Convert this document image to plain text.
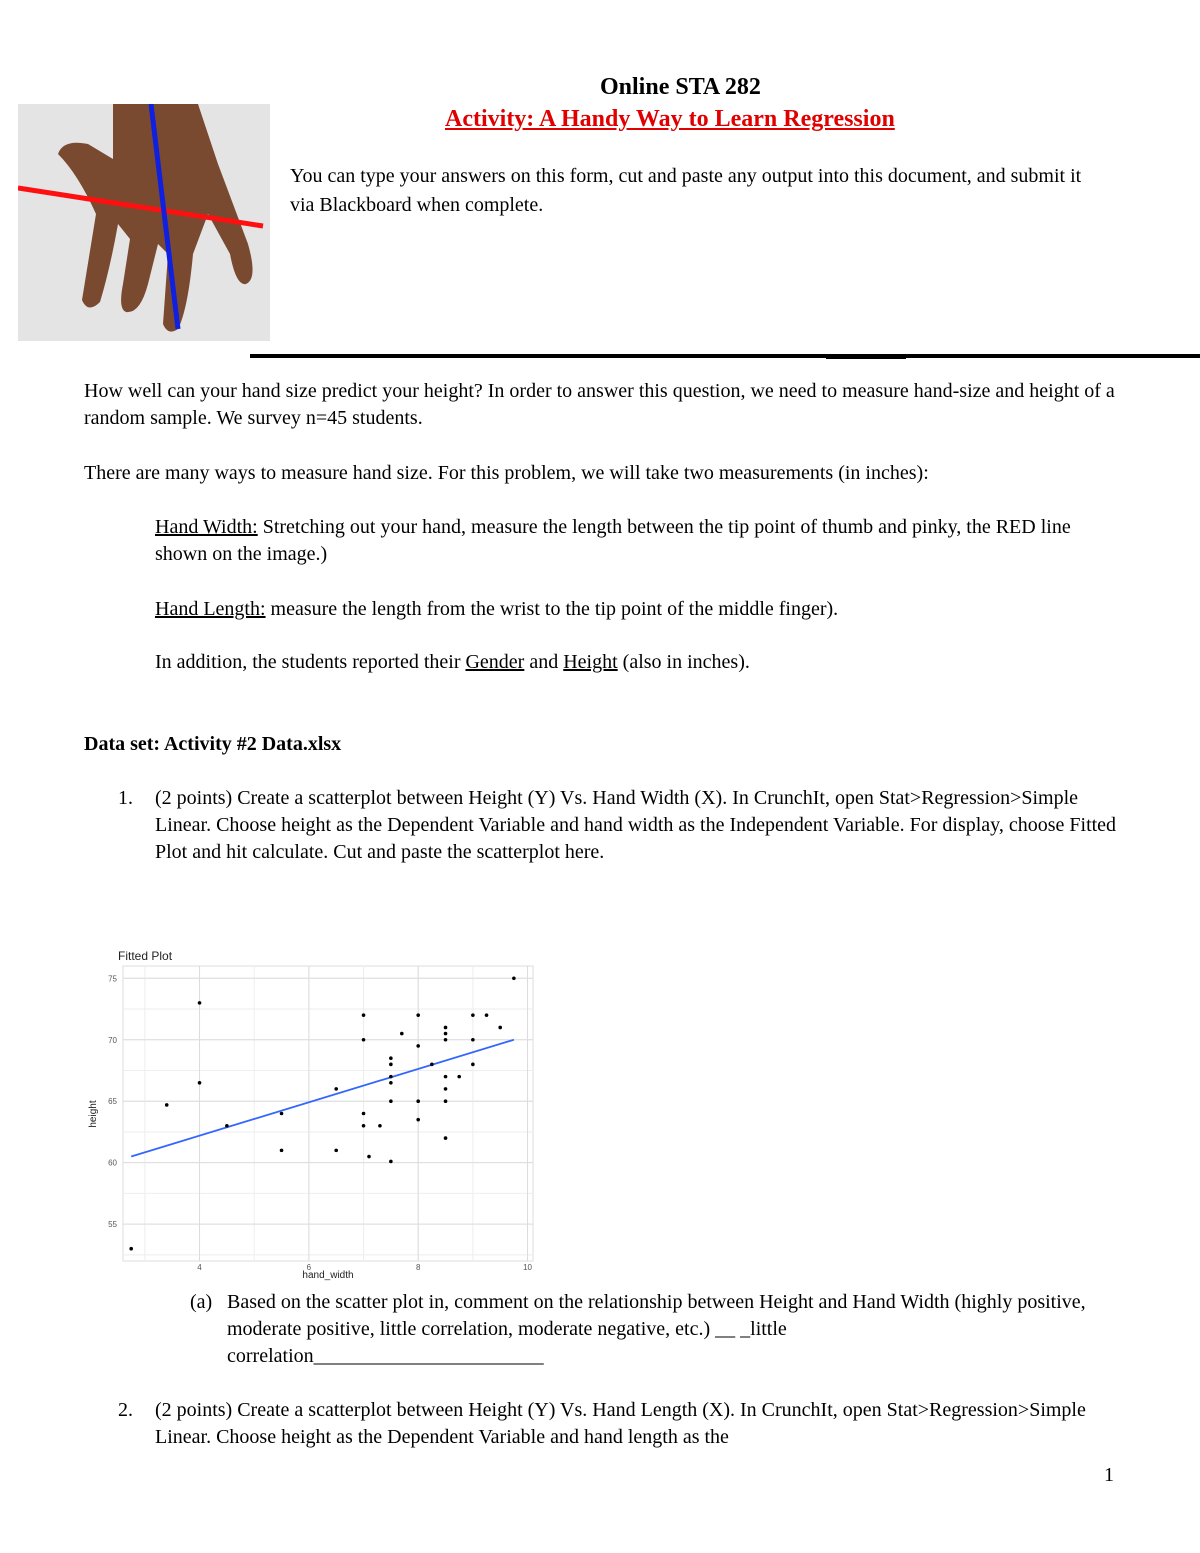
Online STA 282
Activity: A Handy Way to Learn Regression
You can type your answers on this form, cut and paste any output into this document, and submit it via Blackboard when complete.
How well can your hand size predict your height? In order to answer this question, we need to measure hand-size and height of a random sample. We survey n=45 students.
There are many ways to measure hand size. For this problem, we will take two measurements (in inches):
Hand Width: Stretching out your hand, measure the length between the tip point of thumb and pinky, the RED line shown on the image.)
Hand Length: measure the length from the wrist to the tip point of the middle finger).
In addition, the students reported their Gender and Height (also in inches).
Data set: Activity #2 Data.xlsx
1. (2 points) Create a scatterplot between Height (Y) Vs. Hand Width (X). In CrunchIt, open Stat>Regression>Simple Linear. Choose height as the Dependent Variable and hand width as the Independent Variable. For display, choose Fitted Plot and hit calculate. Cut and paste the scatterplot here.
Fitted Plot
4	6	8	10
55
60
65
70
75
hand_width
height
(a) Based on the scatter plot in, comment on the relationship between Height and Hand Width (highly positive, moderate positive, little correlation, moderate negative, etc.) __ _little correlation_______________________
2. (2 points) Create a scatterplot between Height (Y) Vs. Hand Length (X). In CrunchIt, open Stat>Regression>Simple Linear. Choose height as the Dependent Variable and hand length as the
1
